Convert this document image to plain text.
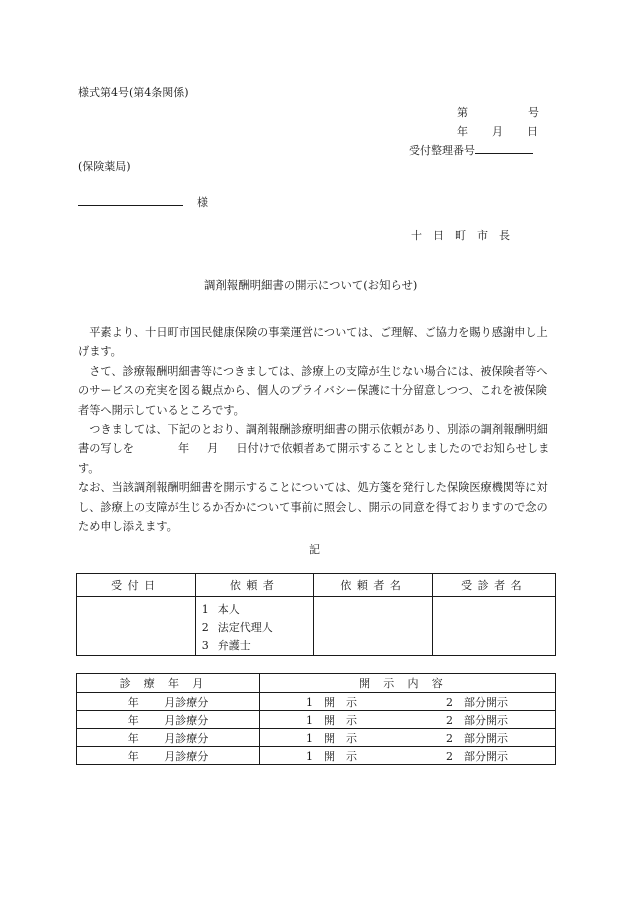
様式第4号(第4条関係)
第	号
年 月 日
受付整理番号
(保険薬局)
様
十　日　町　市　長
調剤報酬明細書の開示について(お知らせ)

　平素より、十日町市国民健康保険の事業運営については、ご理解、ご協力を賜り感謝申し上げます。

　さて、診療報酬明細書等につきましては、診療上の支障が生じない場合には、被保険者等へのサービスの充実を図る観点から、個人のプライバシー保護に十分留意しつつ、これを被保険者等へ開示しているところです。

　つきましては、下記のとおり、調剤報酬診療明細書の開示依頼があり、別添の調剤報酬明細書の写しを	年 月 日付けで依頼者あて開示することとしましたのでお知らせします。

なお、当該調剤報酬明細書を開示することについては、処方箋を発行した保険医療機関等に対し、診療上の支障が生じるか否かについて事前に照会し、開示の同意を得ておりますので念のため申し添えます。

記
受付日	依頼者	依頼者名	受診者名

	1 本人
2 法定代理人
3 弁護士		

診療年月	開示内容
年 月診療分	1　開　示 2　部分開示

年 月診療分	1　開　示 2　部分開示

年 月診療分	1　開　示 2　部分開示

年 月診療分	1　開　示 2　部分開示
